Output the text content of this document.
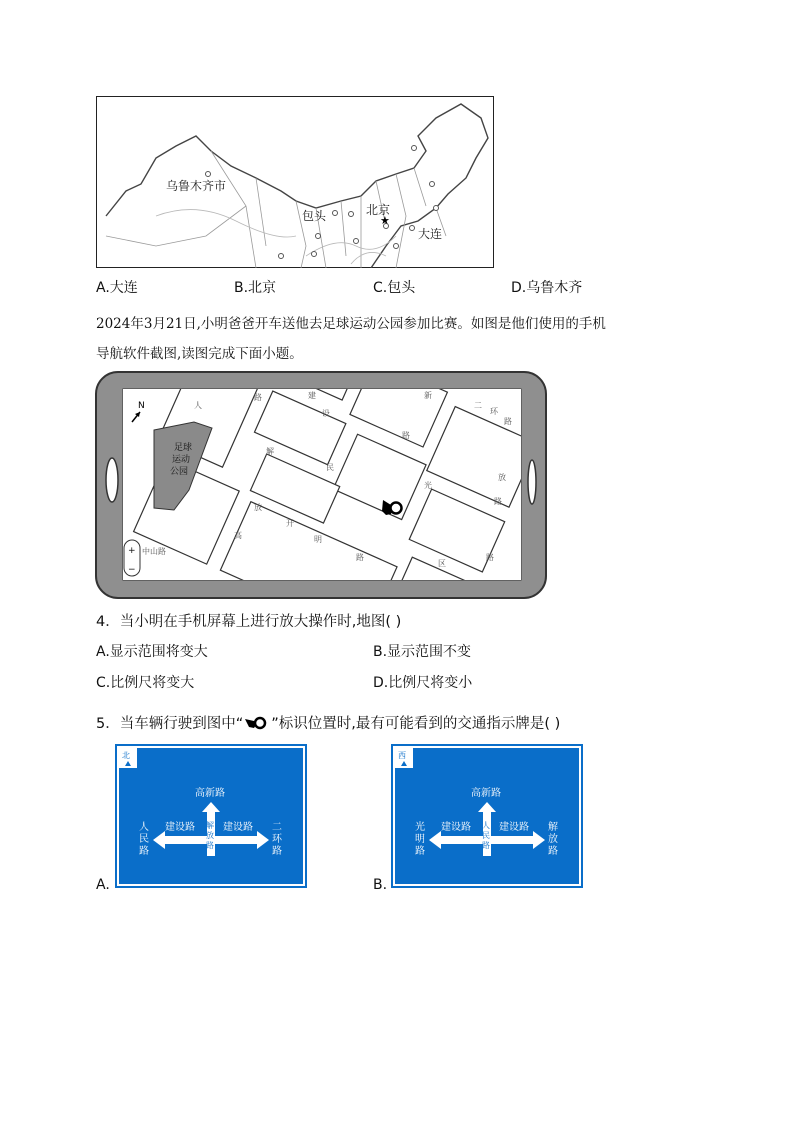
★
乌鲁木齐市
包头	北京
大连
A.大连	B.北京	C.包头	D.乌鲁木齐
2024年3月21日,小明爸爸开车送他去足球运动公园参加比赛。如图是他们使用的手机
导航软件截图,读图完成下面小题。
N
足球
运动
公园
人
路	建
设
二
环
路
民
光
路
中山路
解
放
新
高
开
明
路
放
路
区
路
+
−
4．当小明在手机屏幕上进行放大操作时,地图( )
A.显示范围将变大	B.显示范围不变
C.比例尺将变大	D.比例尺将变小
5．当车辆行驶到图中“ ”标识位置时,最有可能看到的交通指示牌是( )
A.
北
高新路
建设路	建设路
人
民
路
二
环
路
解
放
路
B.
西
高新路
建设路	建设路
光
明
路
解
放
路
人
民
路
